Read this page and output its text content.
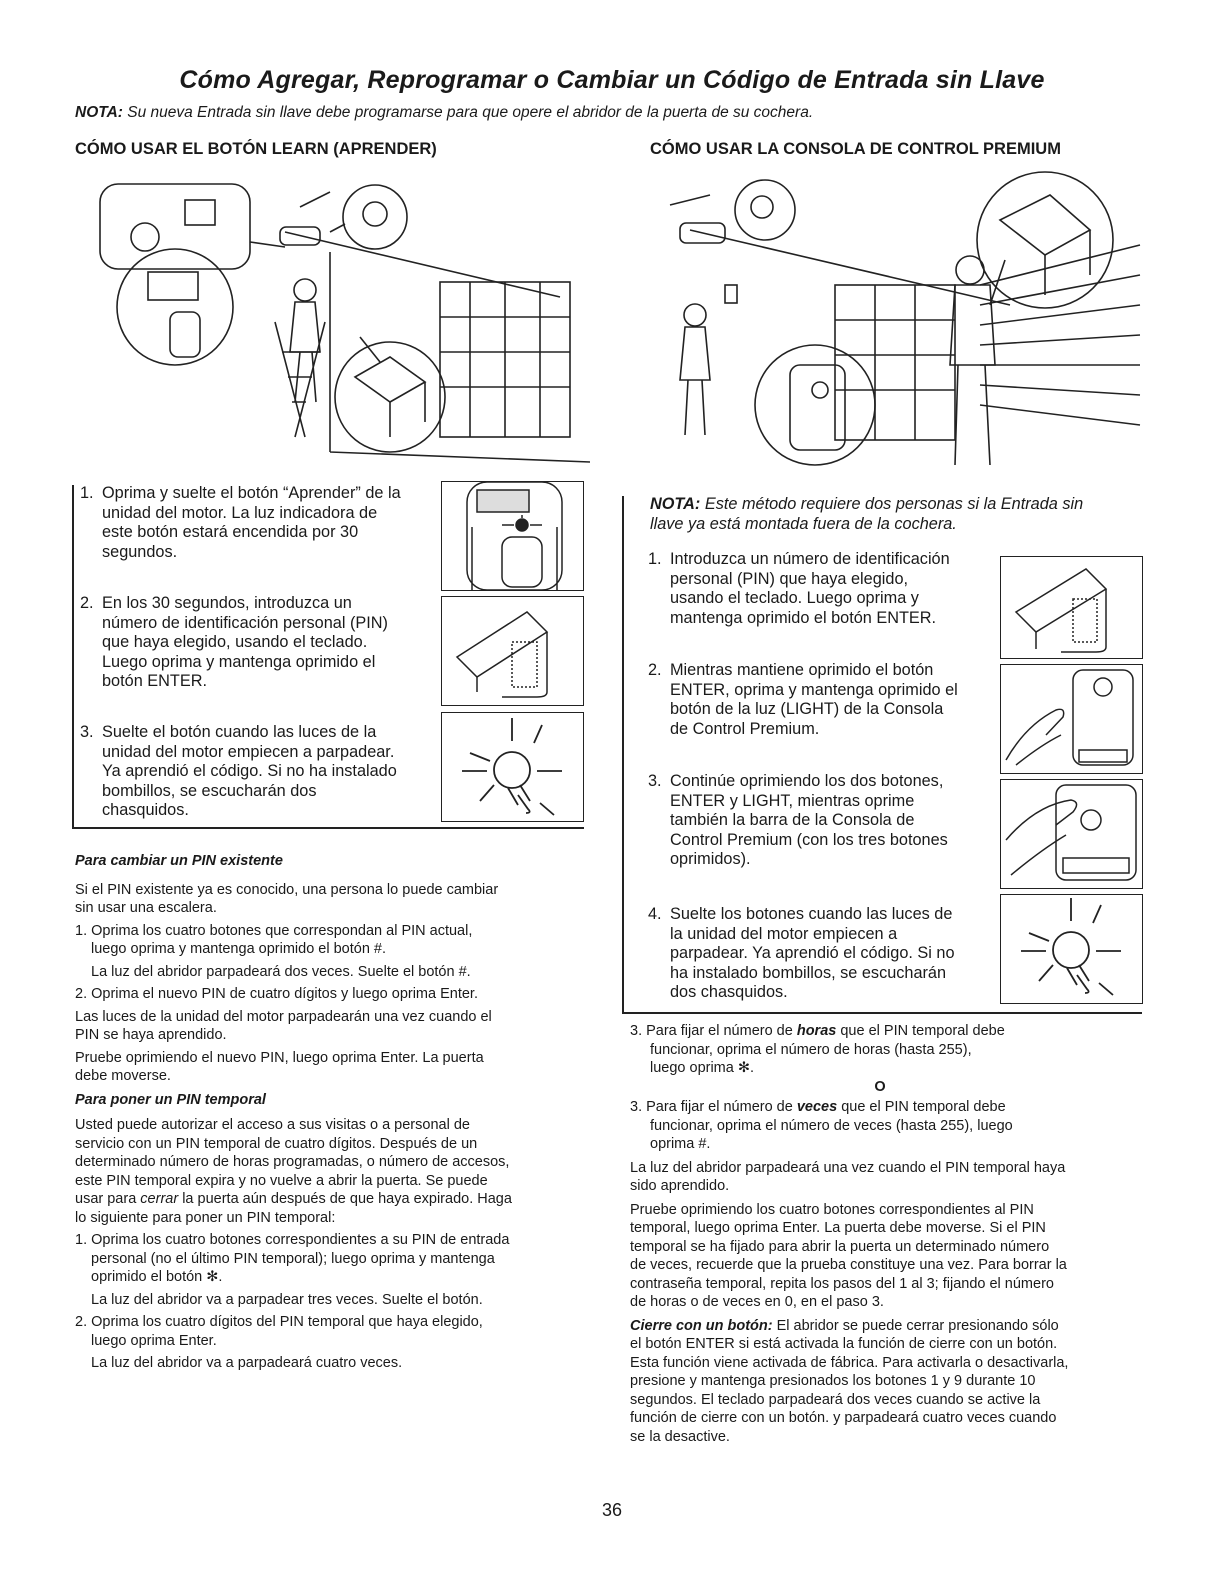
Cómo Agregar, Reprogramar o Cambiar un Código de Entrada sin Llave
NOTA: Su nueva Entrada sin llave debe programarse para que opere el abridor de la puerta de su cochera.
CÓMO USAR EL BOTÓN LEARN (APRENDER)	CÓMO USAR LA CONSOLA DE CONTROL PREMIUM
1. Oprima y suelte el botón “Aprender” de la
unidad del motor. La luz indicadora de
este botón estará encendida por 30
segundos.
2. En los 30 segundos, introduzca un
número de identificación personal (PIN)
que haya elegido, usando el teclado.
Luego oprima y mantenga oprimido el
botón ENTER.
3. Suelte el botón cuando las luces de la
unidad del motor empiecen a parpadear.
Ya aprendió el código. Si no ha instalado
bombillos, se escucharán dos
chasquidos.
NOTA: Este método requiere dos personas si la Entrada sin
llave ya está montada fuera de la cochera.
1. Introduzca un número de identificación
personal (PIN) que haya elegido,
usando el teclado. Luego oprima y
mantenga oprimido el botón ENTER.
2. Mientras mantiene oprimido el botón
ENTER, oprima y mantenga oprimido el
botón de la luz (LIGHT) de la Consola
de Control Premium.
3. Continúe oprimiendo los dos botones,
ENTER y LIGHT, mientras oprime
también la barra de la Consola de
Control Premium (con los tres botones
oprimidos).
4. Suelte los botones cuando las luces de
la unidad del motor empiecen a
parpadear. Ya aprendió el código. Si no
ha instalado bombillos, se escucharán
dos chasquidos.
Para cambiar un PIN existente
Si el PIN existente ya es conocido, una persona lo puede cambiar
sin usar una escalera.
1. Oprima los cuatro botones que correspondan al PIN actual,
luego oprima y mantenga oprimido el botón #.
La luz del abridor parpadeará dos veces. Suelte el botón #.
2. Oprima el nuevo PIN de cuatro dígitos y luego oprima Enter.
Las luces de la unidad del motor parpadearán una vez cuando el
PIN se haya aprendido.
Pruebe oprimiendo el nuevo PIN, luego oprima Enter. La puerta
debe moverse.
Para poner un PIN temporal
Usted puede autorizar el acceso a sus visitas o a personal de
servicio con un PIN temporal de cuatro dígitos. Después de un
determinado número de horas programadas, o número de accesos,
este PIN temporal expira y no vuelve a abrir la puerta. Se puede
usar para cerrar la puerta aún después de que haya expirado. Haga
lo siguiente para poner un PIN temporal:
1. Oprima los cuatro botones correspondientes a su PIN de entrada
personal (no el último PIN temporal); luego oprima y mantenga
oprimido el botón ✻.
La luz del abridor va a parpadear tres veces. Suelte el botón.
2. Oprima los cuatro dígitos del PIN temporal que haya elegido,
luego oprima Enter.
La luz del abridor va a parpadeará cuatro veces.
3. Para fijar el número de horas que el PIN temporal debe
funcionar, oprima el número de horas (hasta 255),
luego oprima ✻.
O
3. Para fijar el número de veces que el PIN temporal debe
funcionar, oprima el número de veces (hasta 255), luego
oprima #.
La luz del abridor parpadeará una vez cuando el PIN temporal haya
sido aprendido.
Pruebe oprimiendo los cuatro botones correspondientes al PIN
temporal, luego oprima Enter. La puerta debe moverse. Si el PIN
temporal se ha fijado para abrir la puerta un determinado número
de veces, recuerde que la prueba constituye una vez. Para borrar la
contraseña temporal, repita los pasos del 1 al 3; fijando el número
de horas o de veces en 0, en el paso 3.
Cierre con un botón: El abridor se puede cerrar presionando sólo
el botón ENTER si está activada la función de cierre con un botón.
Esta función viene activada de fábrica. Para activarla o desactivarla,
presione y mantenga presionados los botones 1 y 9 durante 10
segundos. El teclado parpadeará dos veces cuando se active la
función de cierre con un botón. y parpadeará cuatro veces cuando
se la desactive.
36
